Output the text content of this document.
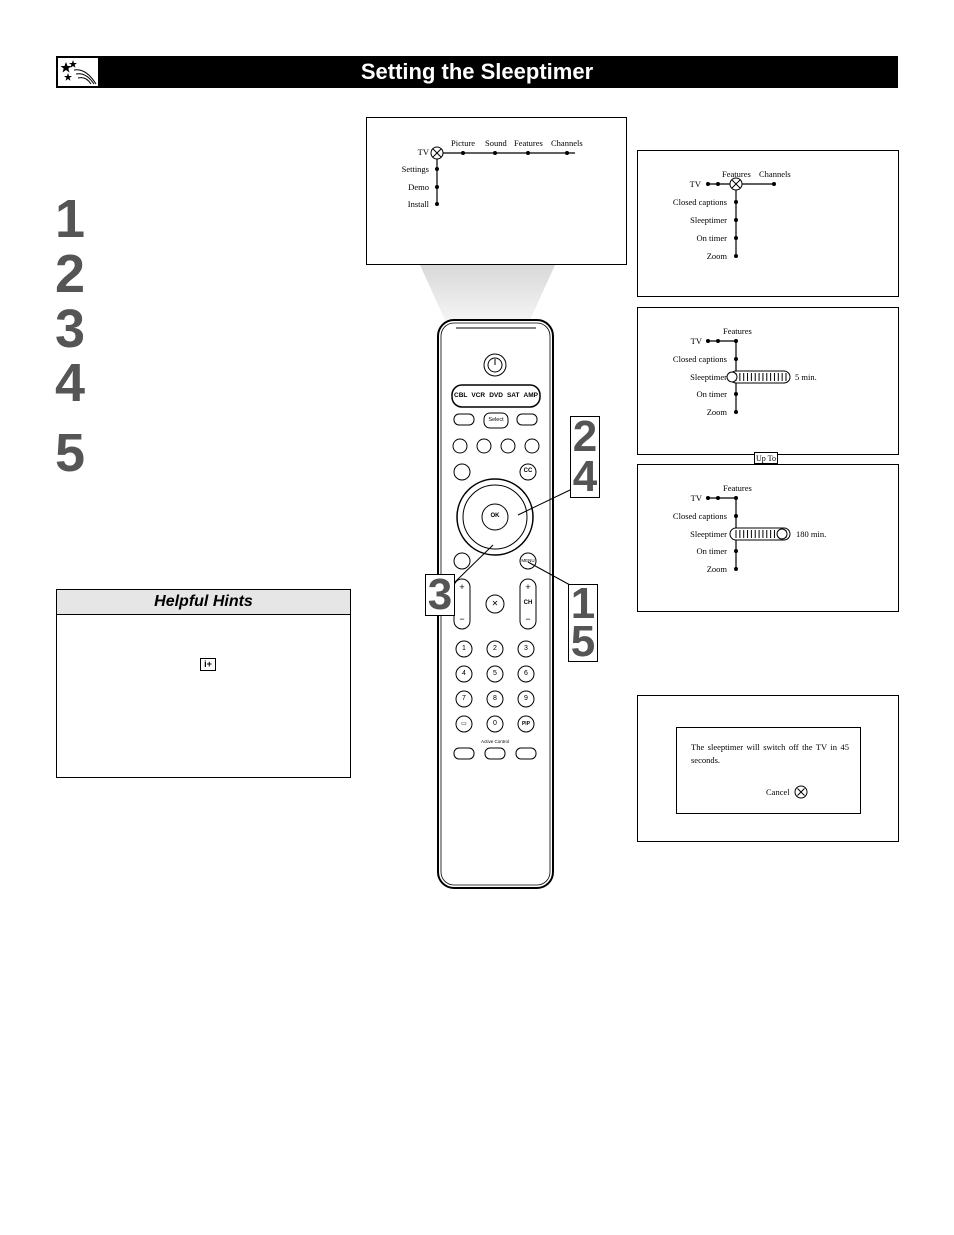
Setting the Sleeptimer
1
2
3
4
5
Helpful Hints
i+
Picture Sound Features Channels
TV
Settings
Demo
Install
Features Channels
TV
Closed captions
Sleeptimer
On timer
Zoom
Features
TV
Closed captions
Sleeptimer
On timer
Zoom
5 min.
Up To
Features
TV
Closed captions
Sleeptimer
On timer
Zoom
180 min.
The sleeptimer will switch off the TV in 45 seconds.
Cancel
CBL VCR DVD SAT AMP
Select
OK
CC
MENU
CH
+
−
+
−
✕
1	2	3
4	5	6
7	8	9
▭	0	PIP
Active Control
2
4
3	1
5
